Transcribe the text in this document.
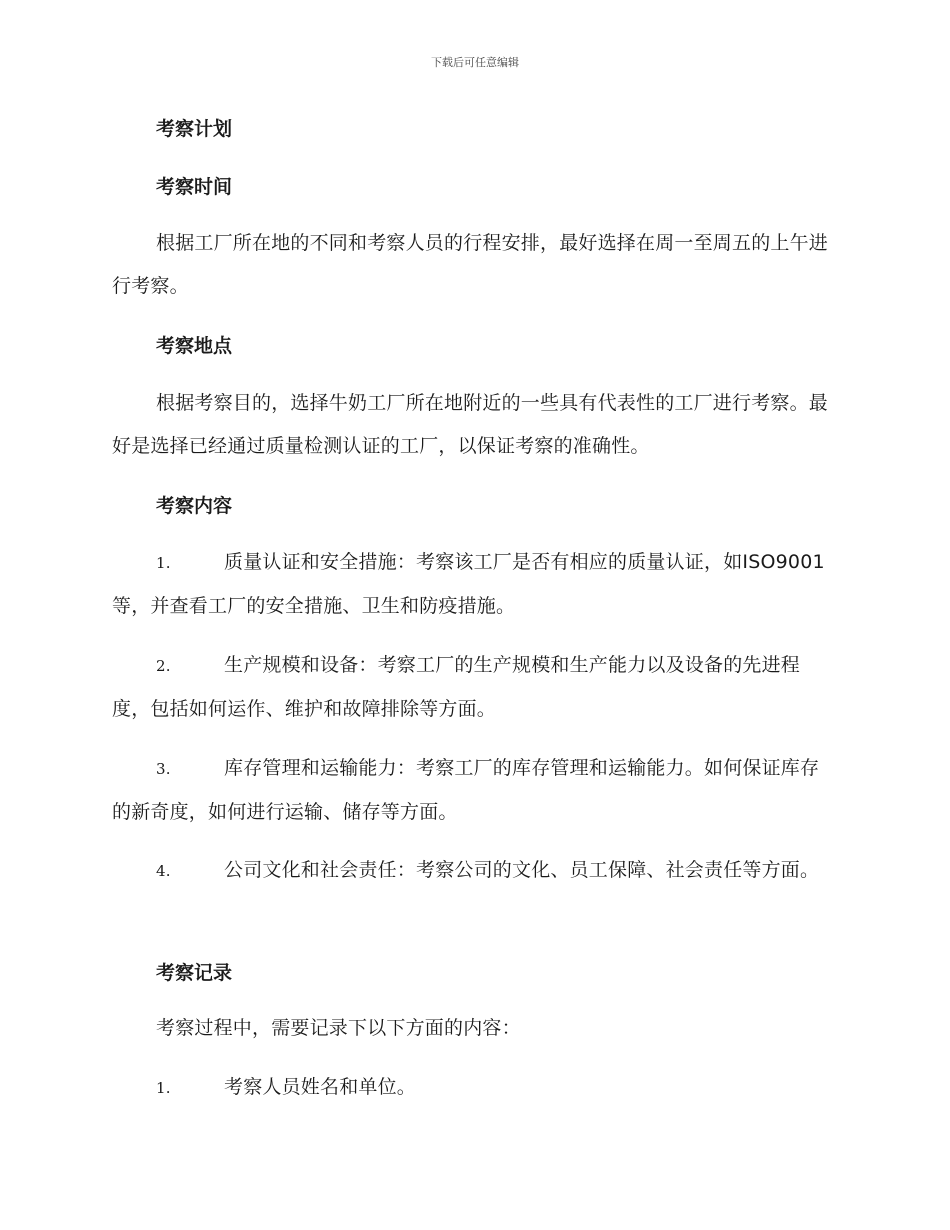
下载后可任意编辑
考察计划
考察时间
根据工厂所在地的不同和考察人员的行程安排，最好选择在周一至周五的上午进行考察。
考察地点
根据考察目的，选择牛奶工厂所在地附近的一些具有代表性的工厂进行考察。最好是选择已经通过质量检测认证的工厂，以保证考察的准确性。
考察内容
1.	质量认证和安全措施：考察该工厂是否有相应的质量认证，如ISO9001等，并查看工厂的安全措施、卫生和防疫措施。
2.	生产规模和设备：考察工厂的生产规模和生产能力以及设备的先进程度，包括如何运作、维护和故障排除等方面。
3.	库存管理和运输能力：考察工厂的库存管理和运输能力。如何保证库存的新奇度，如何进行运输、储存等方面。
4.	公司文化和社会责任：考察公司的文化、员工保障、社会责任等方面。
考察记录
考察过程中，需要记录下以下方面的内容：
1.	考察人员姓名和单位。
